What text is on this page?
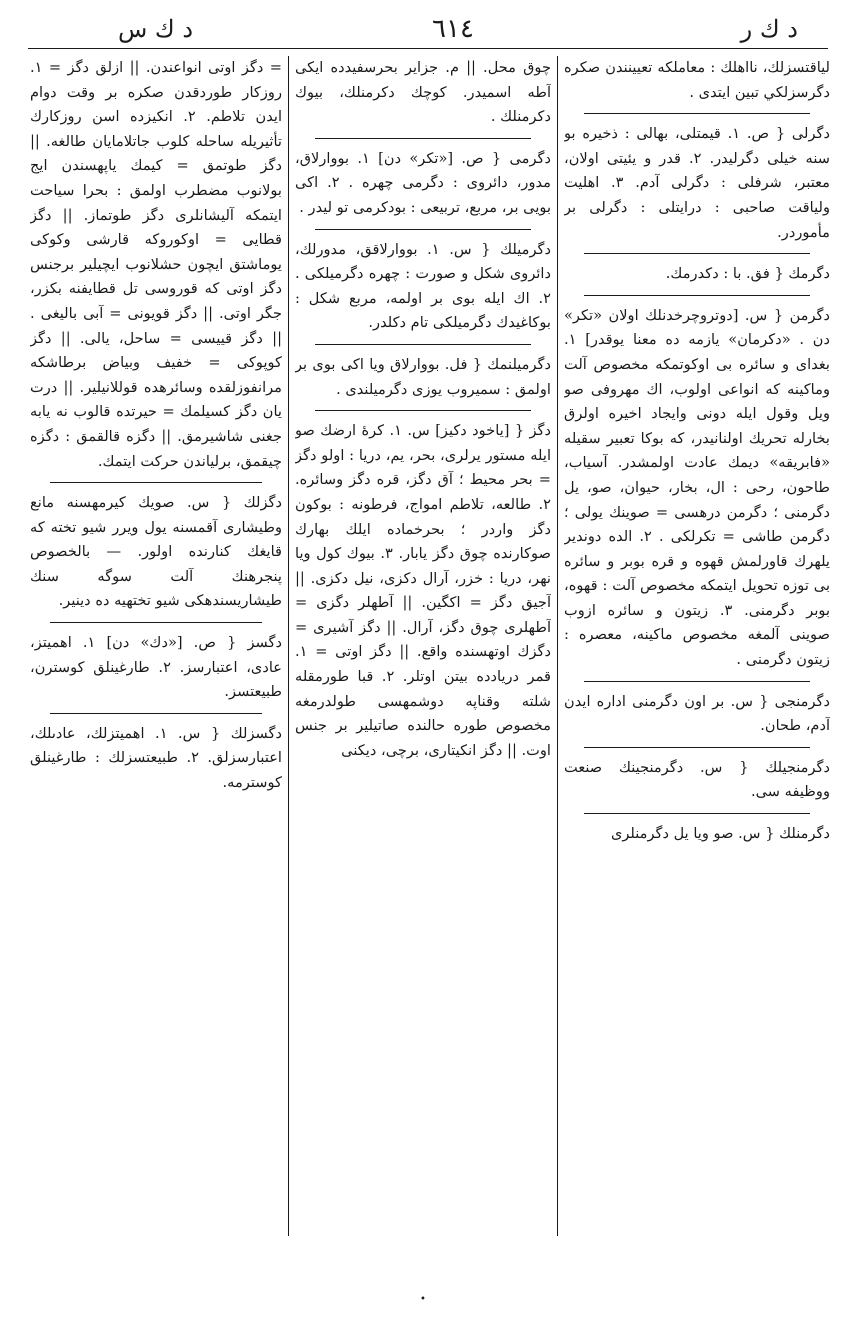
د ك س	٦١٤	د ك ر

لياقتسزلك، نااهلك : معاملكه تعيينندن صكره دگرسزلكي تبين ايتدى .

دگرلى { ص. ١. قيمتلى، بهالى : ذخيره بو سنه خيلى دگرليدر. ٢. قدر و يئيتى اولان، معتبر، شرفلى : دگرلى آدم. ٣. اهليت ولياقت صاحبى : درايتلى : دگرلى بر مأموردر.

دگرمك { فق. با : دكدرمك.

دگرمن { س. [دوتروچرخدنلك اولان «تكر» دن . «دكرمان» يازمه ده معنا يوقدر] ١. بغداى و سائره بى اوكوتمكه مخصوص آلت وماكينه كه انواعى اولوب، اك مهروفى صو ويل وقول ايله دونى وايجاد اخيره اولرق بخارله تحريك اولنانيدر، كه بوكا تعبير سقيله «فابريقه» ديمك عادت اولمشدر. آسياب، طاحون، رحى : ال، بخار، حيوان، صو، يل دگرمنى ؛ دگرمن درهسى = صوينك يولى ؛ دگرمن طاشى = تكرلكى . ٢. الده دوندير يلهرك قاورلمش قهوه و قره بوبر و سائره بى توزه تحويل ايتمكه مخصوص آلت : قهوه، بوبر دگرمنى. ٣. زيتون و سائره ازوب صوينى آلمغه مخصوص ماكينه، معصره : زيتون دگرمنى .

دگرمنجى { س. بر اون دگرمنى اداره ايدن آدم، طحان.

دگرمنجيلك { س. دگرمنجينك صنعت ووظيفه سى.

دگرمنلك { س. صو ويا يل دگرمنلرى

چوق محل. || م. جزاير بحرسفيدده ايكى آطه اسميدر. كوچك دكرمنلك، بيوك دكرمنلك .

دگرمى { ص. [«تكر» دن] ١. بووارلاق، مدور، دائروى : دگرمى چهره . ٢. اكى بويى بر، مربع، تربيعى : بودكرمى تو ليدر .

دگرميلك { س. ١. بووارلاقق، مدورلك، دائروى شكل و صورت : چهره دگرميلكى . ٢. اك ايله بوى بر اولمه، مربع شكل : بوكاغيدك دگرميلكى تام دكلدر.

دگرميلنمك { فل. بووارلاق ويا اكى بوى بر اولمق : سميروب يوزى دگرميلندى .

دگز { [ياخود دكيز] س. ١. كرهٔ ارضك صو ايله مستور يرلرى، بحر، يم، دريا : اولو دگز = بحر محيط ؛ آق دگز، قره دگز وسائره. ٢. طالعه، تلاطم امواج، فرطونه : بوكون دگز واردر ؛ بحرخماده ايلك بهارك صوكارنده چوق دگز يابار. ٣. بيوك كول ويا نهر، دريا : خزر، آرال دكزى، نيل دكزى. || آجيق دگز = اكگين. || آطهلر دگزى = آطهلرى چوق دگز، آرال. || دگز آشيرى = دگزك اوتهسنده واقع. || دگز اوتى = ١. قمر دريادده بيتن اوتلر. ٢. قبا طورمقله شلته وقناپه دوشمهسى طولدرمغه مخصوص طوره حالنده صاتيلير بر جنس اوت. || دگز انكيتارى، برچى، ديكنى

= دگز اوتى انواعندن. || ازلق دگز = ١. روزكار طوردقدن صكره بر وقت دوام ايدن تلاطم. ٢. انكيزده اسن روزكارك تأثيريله ساحله كلوب جاتلامايان طالغه. || دگز طوتمق = كيمك ياپهسندن ايج بولانوب مضطرب اولمق : بحرا سياحت ايتمكه آليشانلرى دگز طوتماز. || دگز قطايى = اوكوروكه قارشى وكوكى يوماشتق ايچون حشلانوب ايچيلير برجنس دگز اوتى كه قوروسى تل قطايفنه بكزر، جگر اوتى. || دگز قويونى = آبى باليغى . || دگز قييسى = ساحل، يالى. || دگز كوپوكى = خفيف وبياض برطاشكه مرانفوزلقده وسائرهده قوللانيلير. || درت يان دگز كسيلمك = حيرتده قالوب نه يابه جغنى شاشيرمق. || دگزه قالقمق : دگزه چيقمق، برلياندن حركت ايتمك.

دگزلك { س. صويك كيرمهسنه مانع وطيشارى آقمسنه يول ويرر شيو تخته كه قايغك كنارنده اولور. — بالخصوص پنجرهنك آلت سوگه سنك طيشاريسندهكى شيو تختهيه ده دينير.

دگسز { ص. [«دك» دن] ١. اهميتز، عادى، اعتبارسز. ٢. طارغينلق كوسترن، طبيعتسز.

دگسزلك { س. ١. اهميتزلك، عادىلك، اعتبارسزلق. ٢. طبيعتسزلك : طارغينلق كوسترمه.

•
